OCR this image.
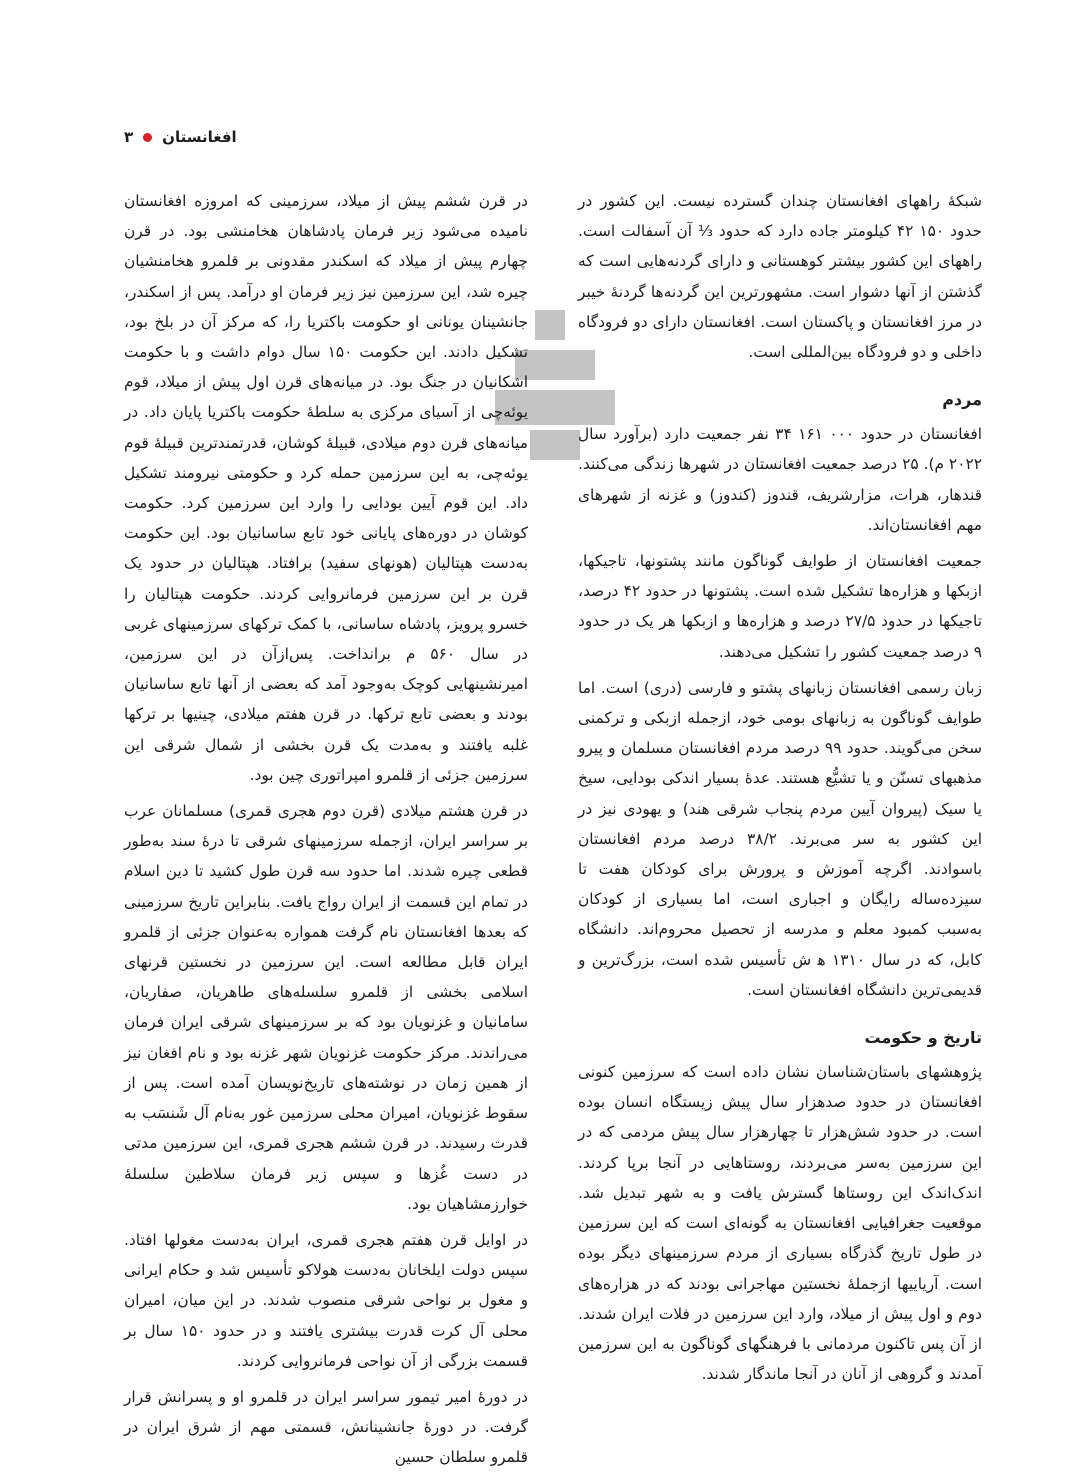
افغانستان
۳

شبکهٔ راههای افغانستان چندان گسترده نیست. این کشور در حدود ۱۵۰ ۴۲ کیلومتر جاده دارد که حدود ⅓ آن آسفالت است. راههای این کشور بیشتر کوهستانی و دارای گردنه‌هایی است که گذشتن از آنها دشوار است. مشهورترین این گردنه‌ها گردنهٔ خیبر در مرز افغانستان و پاکستان است. افغانستان دارای دو فرودگاه داخلی و دو فرودگاه بین‌المللی است.

مردم

افغانستان در حدود ۰۰۰ ۱۶۱ ۳۴ نفر جمعیت دارد (برآورد سال ۲۰۲۲ م). ۲۵ درصد جمعیت افغانستان در شهرها زندگی می‌کنند. قندهار، هرات، مزارشریف، قندوز (کندوز) و غزنه از شهرهای مهم افغانستان‌اند.

جمعیت افغانستان از طوایف گوناگون مانند پشتونها، تاجیکها، ازبکها و هزاره‌ها تشکیل شده است. پشتونها در حدود ۴۲ درصد، تاجیکها در حدود ۲۷/۵ درصد و هزاره‌ها و ازبکها هر یک در حدود ۹ درصد جمعیت کشور را تشکیل می‌دهند.

زبان رسمی افغانستان زبانهای پشتو و فارسی (دری) است. اما طوایف گوناگون به زبانهای بومی خود، ازجمله ازبکی و ترکمنی سخن می‌گویند. حدود ۹۹ درصد مردم افغانستان مسلمان و پیرو مذهبهای تسنّن و یا تشیُّع هستند. عدهٔ بسیار اندکی بودایی، سیخ یا سیک (پیروان آیین مردم پنجاب شرقی هند) و یهودی نیز در این کشور به سر می‌برند. ۳۸/۲ درصد مردم افغانستان باسوادند. اگرچه آموزش و پرورش برای کودکان هفت تا سیزده‌ساله رایگان و اجباری است، اما بسیاری از کودکان به‌سبب کمبود معلم و مدرسه از تحصیل محروم‌اند. دانشگاه کابل، که در سال ۱۳۱۰ ه‍ ش تأسیس شده است، بزرگ‌ترین و قدیمی‌ترین دانشگاه افغانستان است.

تاریخ و حکومت

پژوهشهای باستان‌شناسان نشان داده است که سرزمین کنونی افغانستان در حدود صدهزار سال پیش زیستگاه انسان بوده است. در حدود شش‌هزار تا چهارهزار سال پیش مردمی که در این سرزمین به‌سر می‌بردند، روستاهایی در آنجا برپا کردند. اندک‌اندک این روستاها گسترش یافت و به شهر تبدیل شد. موقعیت جغرافیایی افغانستان به گونه‌ای است که این سرزمین در طول تاریخ گذرگاه بسیاری از مردم سرزمینهای دیگر بوده است. آریاییها ازجملهٔ نخستین مهاجرانی بودند که در هزاره‌های دوم و اول پیش از میلاد، وارد این سرزمین در فلات ایران شدند. از آن پس تاکنون مردمانی با فرهنگهای گوناگون به این سرزمین آمدند و گروهی از آنان در آنجا ماندگار شدند.

در قرن ششم پیش از میلاد، سرزمینی که امروزه افغانستان نامیده می‌شود زیر فرمان پادشاهان هخامنشی بود. در قرن چهارم پیش از میلاد که اسکندر مقدونی بر قلمرو هخامنشیان چیره شد، این سرزمین نیز زیر فرمان او درآمد. پس از اسکندر، جانشینان یونانی او حکومت باکتریا را، که مرکز آن در بلخ بود، تشکیل دادند. این حکومت ۱۵۰ سال دوام داشت و با حکومت اشکانیان در جنگ بود. در میانه‌های قرن اول پیش از میلاد، قوم یوئه‌چی از آسیای مرکزی به سلطهٔ حکومت باکتریا پایان داد. در میانه‌های قرن دوم میلادی، قبیلهٔ کوشان، قدرتمندترین قبیلهٔ قوم یوئه‌چی، به این سرزمین حمله کرد و حکومتی نیرومند تشکیل داد. این قوم آیین بودایی را وارد این سرزمین کرد. حکومت کوشان در دوره‌های پایانی خود تابع ساسانیان بود. این حکومت به‌دست هپتالیان (هونهای سفید) برافتاد. هپتالیان در حدود یک قرن بر این سرزمین فرمانروایی کردند. حکومت هپتالیان را خسرو پرویز، پادشاه ساسانی، با کمک ترکهای سرزمینهای غربی در سال ۵۶۰ م برانداخت. پس‌ازآن در این سرزمین، امیرنشینهایی کوچک به‌وجود آمد که بعضی از آنها تابع ساسانیان بودند و بعضی تابع ترکها. در قرن هفتم میلادی، چینیها بر ترکها غلبه یافتند و به‌مدت یک قرن بخشی از شمال شرقی این سرزمین جزئی از قلمرو امپراتوری چین بود.

در قرن هشتم میلادی (قرن دوم هجری قمری) مسلمانان عرب بر سراسر ایران، ازجمله سرزمینهای شرقی تا درهٔ سند به‌طور قطعی چیره شدند. اما حدود سه قرن طول کشید تا دین اسلام در تمام این قسمت از ایران رواج یافت. بنابراین تاریخ سرزمینی که بعدها افغانستان نام گرفت همواره به‌عنوان جزئی از قلمرو ایران قابل مطالعه است. این سرزمین در نخستین قرنهای اسلامی بخشی از قلمرو سلسله‌های طاهریان، صفاریان، سامانیان و غزنویان بود که بر سرزمینهای شرقی ایران فرمان می‌راندند. مرکز حکومت غزنویان شهر غزنه بود و نام افغان نیز از همین زمان در نوشته‌های تاریخ‌نویسان آمده است. پس از سقوط غزنویان، امیران محلی سرزمین غور به‌نام آل شَنسَب به قدرت رسیدند. در قرن ششم هجری قمری، این سرزمین مدتی در دست غُزها و سپس زیر فرمان سلاطین سلسلهٔ خوارزمشاهیان بود.

در اوایل قرن هفتم هجری قمری، ایران به‌دست مغولها افتاد. سپس دولت ایلخانان به‌دست هولاکو تأسیس شد و حکام ایرانی و مغول بر نواحی شرقی منصوب شدند. در این میان، امیران محلی آل کرت قدرت بیشتری یافتند و در حدود ۱۵۰ سال بر قسمت بزرگی از آن نواحی فرمانروایی کردند.

در دورهٔ امیر تیمور سراسر ایران در قلمرو او و پسرانش قرار گرفت. در دورهٔ جانشینانش، قسمتی مهم از شرق ایران در قلمرو سلطان حسین
